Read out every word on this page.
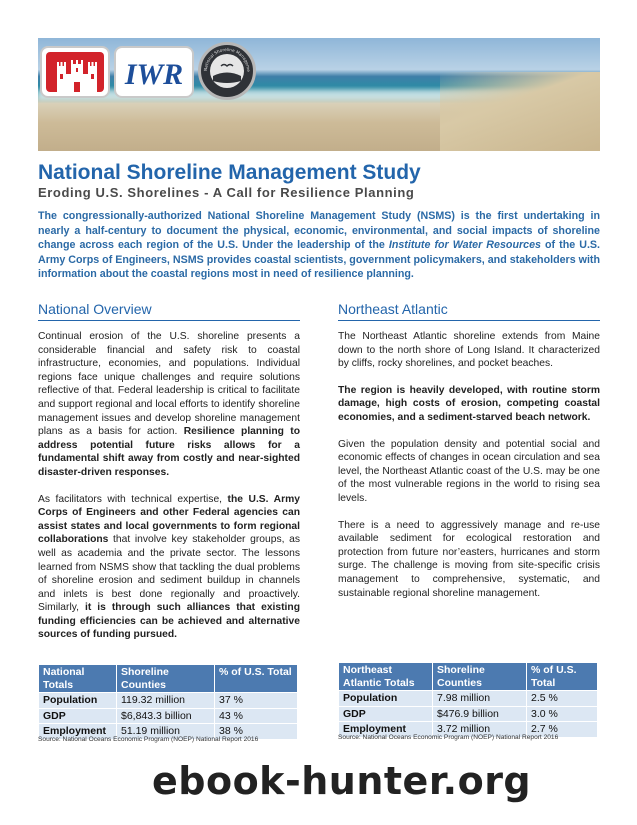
IWR	National Shoreline Manageme
National Shoreline Management Study
Eroding U.S. Shorelines - A Call for Resilience Planning
The congressionally-authorized National Shoreline Management Study (NSMS) is the first undertaking in nearly a half-century to document the physical, economic, environmental, and social impacts of shoreline change across each region of the U.S. Under the leadership of the Institute for Water Resources of the U.S. Army Corps of Engineers, NSMS provides coastal scientists, government policymakers, and stakeholders with information about the coastal regions most in need of resilience planning.
National Overview

Continual erosion of the U.S. shoreline presents a considerable financial and safety risk to coastal infrastructure, economies, and populations. Individual regions face unique challenges and require solutions reflective of that. Federal leadership is critical to facilitate and support regional and local efforts to identify shoreline management issues and develop shoreline management plans as a basis for action. Resilience planning to address potential future risks allows for a fundamental shift away from costly and near-sighted disaster-driven responses.

As facilitators with technical expertise, the U.S. Army Corps of Engineers and other Federal agencies can assist states and local governments to form regional collaborations that involve key stakeholder groups, as well as academia and the private sector. The lessons learned from NSMS show that tackling the dual problems of shoreline erosion and sediment buildup in channels and inlets is best done regionally and proactively. Similarly, it is through such alliances that existing funding efficiencies can be achieved and alternative sources of funding pursued.

Northeast Atlantic

The Northeast Atlantic shoreline extends from Maine down to the north shore of Long Island. It characterized by cliffs, rocky shorelines, and pocket beaches.

The region is heavily developed, with routine storm damage, high costs of erosion, competing coastal economies, and a sediment-starved beach network.

Given the population density and potential social and economic effects of changes in ocean circulation and sea level, the Northeast Atlantic coast of the U.S. may be one of the most vulnerable regions in the world to rising sea levels.

There is a need to aggressively manage and re-use available sediment for ecological restoration and protection from future nor’easters, hurricanes and storm surge. The challenge is moving from site-specific crisis management to comprehensive, systematic, and sustainable regional shoreline management.

National Totals	Shoreline Counties	% of U.S. Total
Population	119.32 million	37 %
GDP	$6,843.3 billion	43 %
Employment	51.19 million	38 %
Source: National Oceans Economic Program (NOEP) National Report 2016
Northeast Atlantic Totals	Shoreline Counties	% of U.S. Total
Population	7.98 million	2.5 %
GDP	$476.9 billion	3.0 %
Employment	3.72 million	2.7 %
Source: National Oceans Economic Program (NOEP) National Report 2016
ebook-hunter.org
